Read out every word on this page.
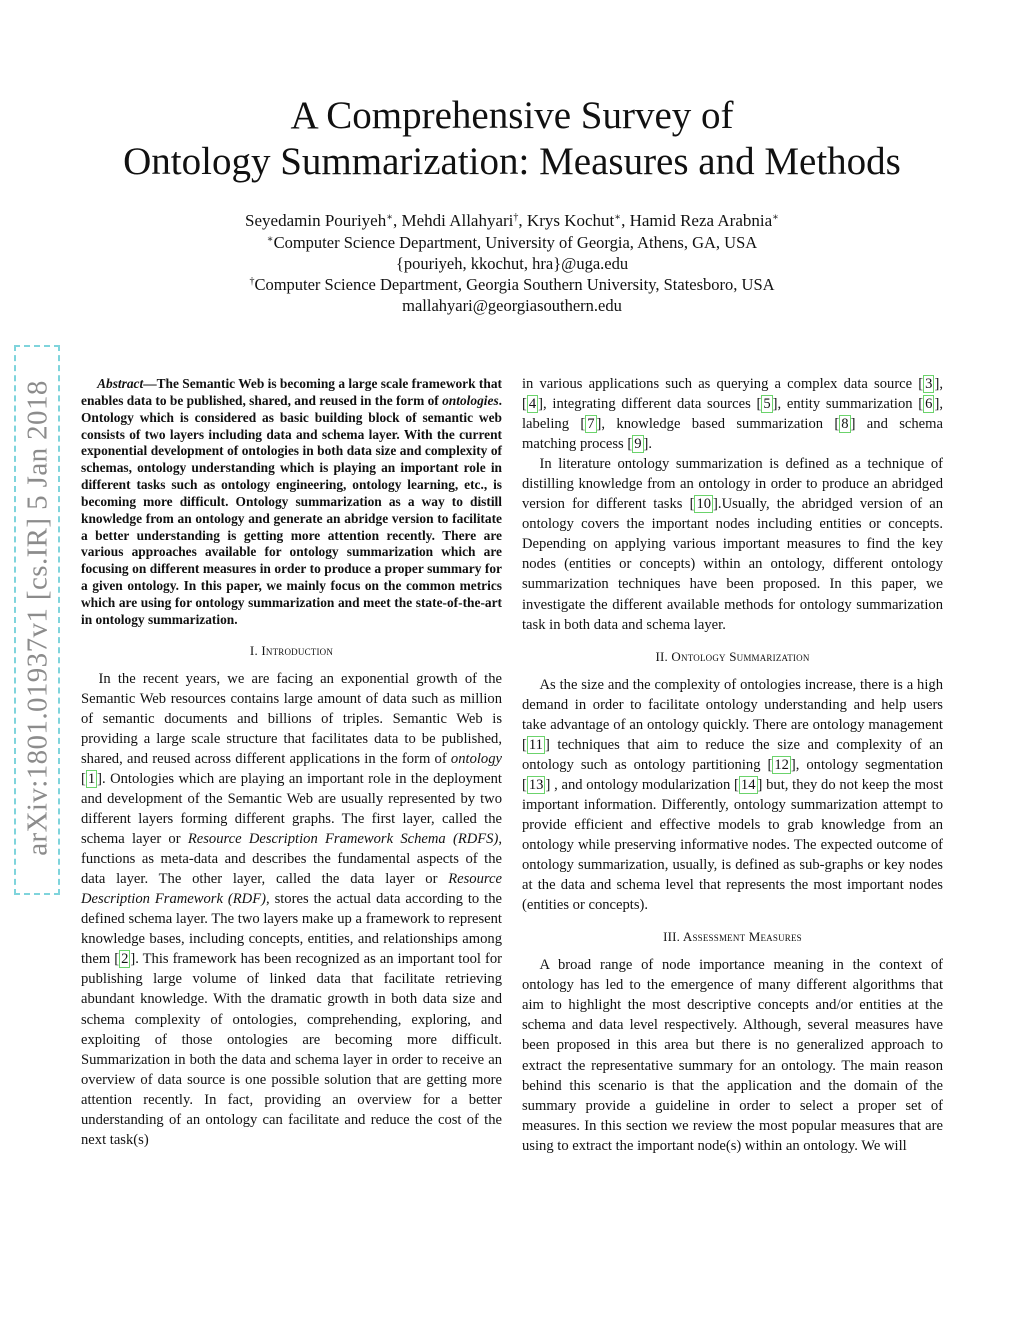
arXiv:1801.01937v1 [cs.IR] 5 Jan 2018
A Comprehensive Survey of
Ontology Summarization: Measures and Methods
Seyedamin Pouriyeh∗, Mehdi Allahyari†, Krys Kochut∗, Hamid Reza Arabnia∗
∗Computer Science Department, University of Georgia, Athens, GA, USA
{pouriyeh, kkochut, hra}@uga.edu
†Computer Science Department, Georgia Southern University, Statesboro, USA
mallahyari@georgiasouthern.edu

Abstract—The Semantic Web is becoming a large scale framework that enables data to be published, shared, and reused in the form of ontologies. Ontology which is considered as basic building block of semantic web consists of two layers including data and schema layer. With the current exponential development of ontologies in both data size and complexity of schemas, ontology understanding which is playing an important role in different tasks such as ontology engineering, ontology learning, etc., is becoming more difficult. Ontology summarization as a way to distill knowledge from an ontology and generate an abridge version to facilitate a better understanding is getting more attention recently. There are various approaches available for ontology summarization which are focusing on different measures in order to produce a proper summary for a given ontology. In this paper, we mainly focus on the common metrics which are using for ontology summarization and meet the state-of-the-art in ontology summarization.

I. Introduction

In the recent years, we are facing an exponential growth of the Semantic Web resources contains large amount of data such as million of semantic documents and billions of triples. Semantic Web is providing a large scale structure that facilitates data to be published, shared, and reused across different applications in the form of ontology [ 1 ]. Ontologies which are playing an important role in the deployment and development of the Semantic Web are usually represented by two different layers forming different graphs. The first layer, called the schema layer or Resource Description Framework Schema (RDFS), functions as meta-data and describes the fundamental aspects of the data layer. The other layer, called the data layer or Resource Description Framework (RDF), stores the actual data according to the defined schema layer. The two layers make up a framework to represent knowledge bases, including concepts, entities, and relationships among them [ 2 ]. This framework has been recognized as an important tool for publishing large volume of linked data that facilitate retrieving abundant knowledge. With the dramatic growth in both data size and schema complexity of ontologies, comprehending, exploring, and exploiting of those ontologies are becoming more difficult. Summarization in both the data and schema layer in order to receive an overview of data source is one possible solution that are getting more attention recently. In fact, providing an overview for a better understanding of an ontology can facilitate and reduce the cost of the next task(s)

in various applications such as querying a complex data source [ 3 ], [ 4 ], integrating different data sources [ 5 ], entity summarization [ 6 ], labeling [ 7 ], knowledge based summarization [ 8 ] and schema matching process [ 9 ].

In literature ontology summarization is defined as a technique of distilling knowledge from an ontology in order to produce an abridged version for different tasks [ 10 ].Usually, the abridged version of an ontology covers the important nodes including entities or concepts. Depending on applying various important measures to find the key nodes (entities or concepts) within an ontology, different ontology summarization techniques have been proposed. In this paper, we investigate the different available methods for ontology summarization task in both data and schema layer.

II. Ontology Summarization

As the size and the complexity of ontologies increase, there is a high demand in order to facilitate ontology understanding and help users take advantage of an ontology quickly. There are ontology management [ 11 ] techniques that aim to reduce the size and complexity of an ontology such as ontology partitioning [ 12 ], ontology segmentation [ 13 ] , and ontology modularization [ 14 ] but, they do not keep the most important information. Differently, ontology summarization attempt to provide efficient and effective models to grab knowledge from an ontology while preserving informative nodes. The expected outcome of ontology summarization, usually, is defined as sub-graphs or key nodes at the data and schema level that represents the most important nodes (entities or concepts).

III. Assessment Measures

A broad range of node importance meaning in the context of ontology has led to the emergence of many different algorithms that aim to highlight the most descriptive concepts and/or entities at the schema and data level respectively. Although, several measures have been proposed in this area but there is no generalized approach to extract the representative summary for an ontology. The main reason behind this scenario is that the application and the domain of the summary provide a guideline in order to select a proper set of measures. In this section we review the most popular measures that are using to extract the important node(s) within an ontology. We will
